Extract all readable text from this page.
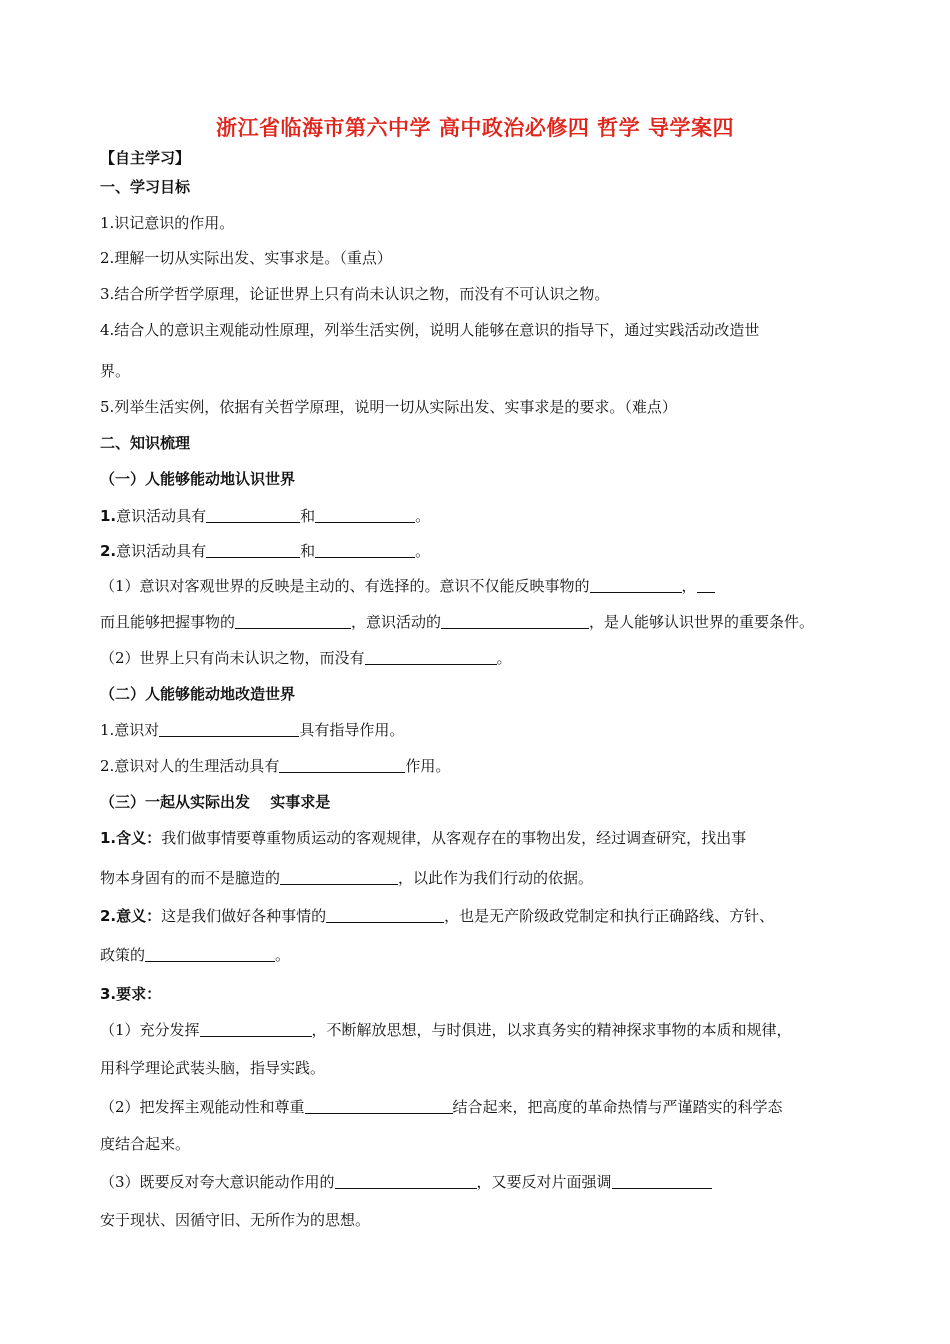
浙江省临海市第六中学 高中政治必修四 哲学 导学案四
【自主学习】
一、学习目标
1.识记意识的作用。
2.理解一切从实际出发、实事求是。（重点）
3.结合所学哲学原理，论证世界上只有尚未认识之物，而没有不可认识之物。
4.结合人的意识主观能动性原理，列举生活实例，说明人能够在意识的指导下，通过实践活动改造世
界。
5.列举生活实例，依据有关哲学原理，说明一切从实际出发、实事求是的要求。（难点）
二、知识梳理
（一）人能够能动地认识世界
1.意识活动具有	和	。
2.意识活动具有	和	。
（1）意识对客观世界的反映是主动的、有选择的。意识不仅能反映事物的	，
而且能够把握事物的	，意识活动的	，是人能够认识世界的重要条件。
（2）世界上只有尚未认识之物，而没有	。
（二）人能够能动地改造世界
1.意识对	具有指导作用。
2.意识对人的生理活动具有	作用。
（三）一起从实际出发　 实事求是
1.含义：我们做事情要尊重物质运动的客观规律，从客观存在的事物出发，经过调查研究，找出事
物本身固有的而不是臆造的	，以此作为我们行动的依据。
2.意义：这是我们做好各种事情的	，也是无产阶级政党制定和执行正确路线、方针、
政策的	。
3.要求：
（1）充分发挥	，不断解放思想，与时俱进，以求真务实的精神探求事物的本质和规律，
用科学理论武装头脑，指导实践。
（2）把发挥主观能动性和尊重	结合起来，把高度的革命热情与严谨踏实的科学态
度结合起来。
（3）既要反对夸大意识能动作用的	，又要反对片面强调
安于现状、因循守旧、无所作为的思想。
